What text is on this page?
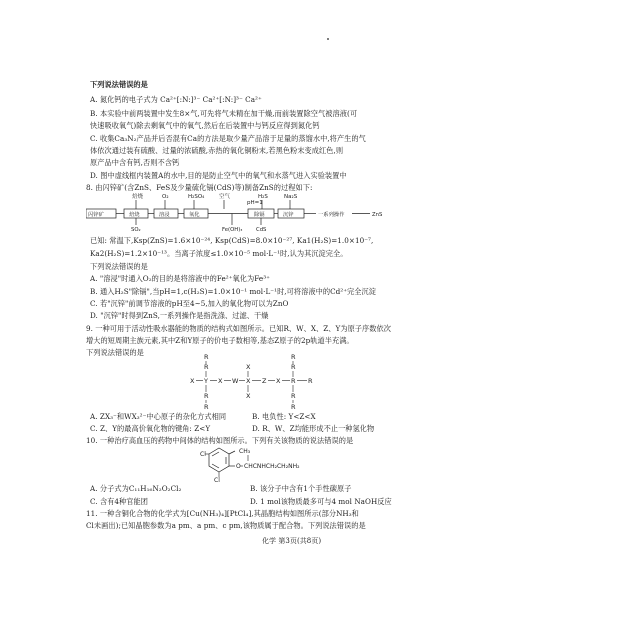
下列说法错误的是
A. 氮化钙的电子式为 Ca²⁺[:N:]³⁻ Ca²⁺[:N:]³⁻ Ca²⁺
B. 本实验中前两装置中发生8×气,可先将气未精在加干燥,而前装置除空气被溶液(可
快速吸收氧气)除去剩氧气中的氧气,然后在后装置中与钙反应得到氮化钙
C. 收集Ca₃N₂产品并后否混有Ca的方法是取少量产品溶于足量的蒸馏水中,将产生的气
体依次通过装有硫酸、过量的浓硫酸,赤热的氧化铜粉末,若黑色粉末变成红色,则
原产品中含有钙,否则不含钙
D. 图中虚线框内装置A的水中,目的是防止空气中的氧气和水蒸气进入实验装置中
8. 由闪锌矿(含ZnS、FeS及少量硫化镉(CdS)等)制备ZnS的过程如下:
焙烧	O₂	H₂SO₄	空气
pH=1
H₂S	Na₂S
闪锌矿	焙烧	溶浸	氧化	除镉	沉锌	一系列操作	ZnS
SO₂	Fe(OH)₃	CdS
已知: 常温下,Ksp(ZnS)=1.6×10⁻²⁴, Ksp(CdS)=8.0×10⁻²⁷, Ka1(H₂S)=1.0×10⁻⁷,
Ka2(H₂S)=1.2×10⁻¹³。当离子浓度≤1.0×10⁻⁵ mol·L⁻¹时,认为其沉淀完全。
下列说法错误的是
A. "溶浸"时通入O₂的目的是将溶液中的Fe²⁺氧化为Fe³⁺
B. 通入H₂S"除镉",当pH=1,c(H₂S)=1.0×10⁻¹ mol·L⁻¹时,可将溶液中的Cd²⁺完全沉淀
C. 若"沉锌"前调节溶液的pH至4~5,加入的氧化物可以为ZnO
D. "沉锌"时得到ZnS,一系列操作是指洗涤、过滤、干燥
9. 一种可用于活动性吸水器能的物质的结构式如图所示。已知R、W、X、Z、Y为原子序数依次
增大的短周期主族元素,其中Z和Y原子的价电子数相等,基态Z原子的2p轨道半充满。
下列说法错误的是	R	R
R	X	R
X Y X W X Z X R R
R	X	R
R	R
A. ZX₃⁻和WX₃²⁻中心原子的杂化方式相同	B. 电负性: Y<Z<X
C. Z、Y的最高价氧化物的键角: Z<Y	D. R、W、Z均能形成不止一种氢化物
10. 一种治疗高血压的药物中间体的结构如图所示。下列有关该物质的说法错误的是
Cl	CH₃
O CHCNHCH₂CH₂NH₂
Cl
A. 分子式为C₁₁H₁₆N₂O₂Cl₂	B. 该分子中含有1个手性碳原子
C. 含有4种官能团	D. 1 mol该物质最多可与4 mol NaOH反应
11. 一种含铜化合物的化学式为[Cu(NH₃)₄][PtCl₄],其晶胞结构如图所示(部分NH₃和
Cl未画出);已知晶胞参数为a pm、a pm、c pm,该物质属于配合物。下列说法错误的是
化学 第3页(共8页)
